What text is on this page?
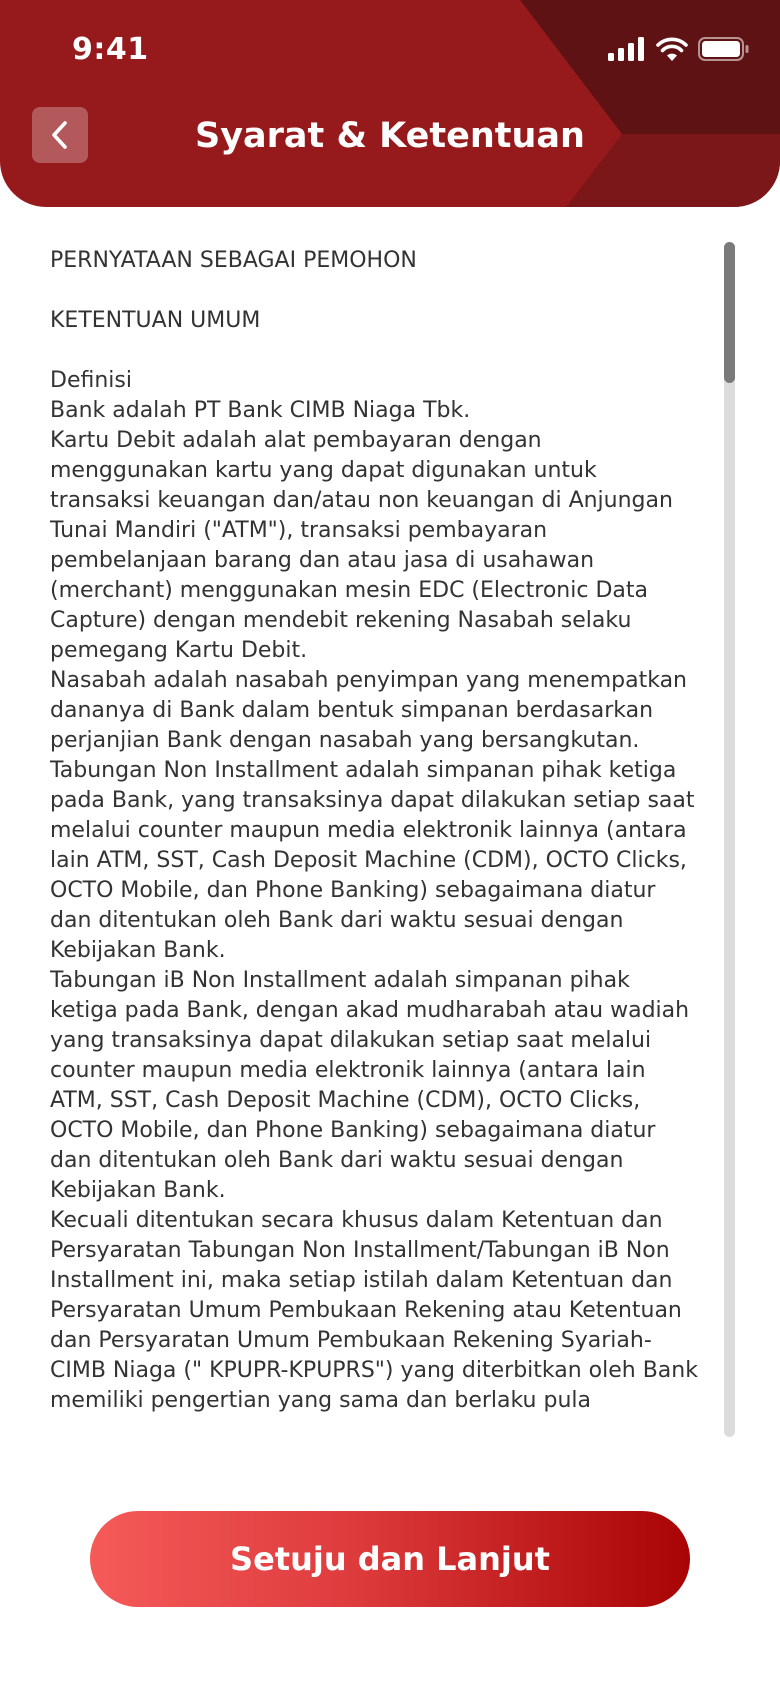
9:41
Syarat & Ketentuan

PERNYATAAN SEBAGAI PEMOHON

KETENTUAN UMUM

Definisi

Bank adalah PT Bank CIMB Niaga Tbk.

Kartu Debit adalah alat pembayaran dengan menggunakan kartu yang dapat digunakan untuk transaksi keuangan dan/atau non keuangan di Anjungan Tunai Mandiri ("ATM"), transaksi pembayaran pembelanjaan barang dan atau jasa di usahawan (merchant) menggunakan mesin EDC (Electronic Data Capture) dengan mendebit rekening Nasabah selaku pemegang Kartu Debit.

Nasabah adalah nasabah penyimpan yang menempatkan dananya di Bank dalam bentuk simpanan berdasarkan perjanjian Bank dengan nasabah yang bersangkutan.

Tabungan Non Installment adalah simpanan pihak ketiga pada Bank, yang transaksinya dapat dilakukan setiap saat melalui counter maupun media elektronik lainnya (antara lain ATM, SST, Cash Deposit Machine (CDM), OCTO Clicks, OCTO Mobile, dan Phone Banking) sebagaimana diatur dan ditentukan oleh Bank dari waktu sesuai dengan Kebijakan Bank.

Tabungan iB Non Installment adalah simpanan pihak ketiga pada Bank, dengan akad mudharabah atau wadiah yang transaksinya dapat dilakukan setiap saat melalui counter maupun media elektronik lainnya (antara lain ATM, SST, Cash Deposit Machine (CDM), OCTO Clicks, OCTO Mobile, dan Phone Banking) sebagaimana diatur dan ditentukan oleh Bank dari waktu sesuai dengan Kebijakan Bank.

Kecuali ditentukan secara khusus dalam Ketentuan dan Persyaratan Tabungan Non Installment/Tabungan iB Non Installment ini, maka setiap istilah dalam Ketentuan dan Persyaratan Umum Pembukaan Rekening atau Ketentuan dan Persyaratan Umum Pembukaan Rekening Syariah-CIMB Niaga (" KPUPR-KPUPRS") yang diterbitkan oleh Bank memiliki pengertian yang sama dan berlaku pula

Setuju dan Lanjut
